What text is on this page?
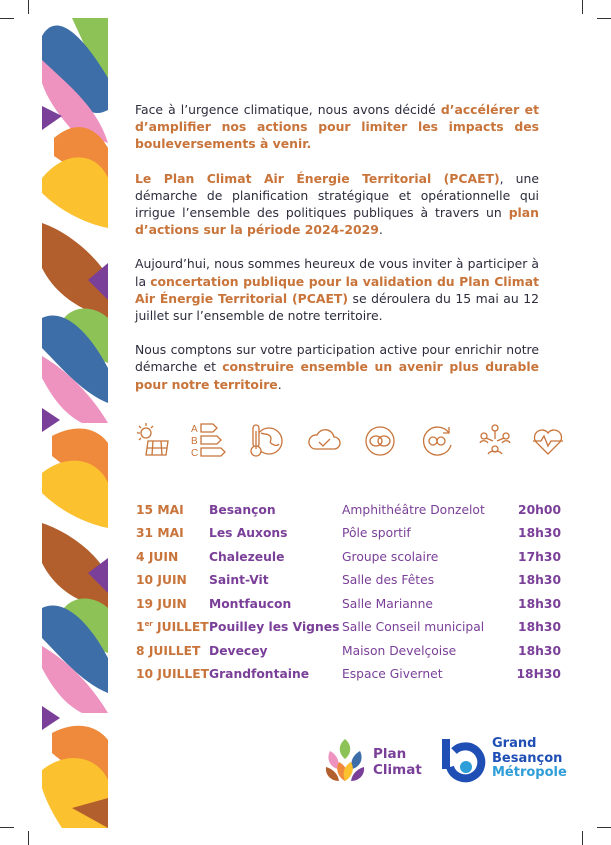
Face à l’urgence climatique, nous avons décidé d’accélérer et d’amplifier nos actions pour limiter les impacts des bouleversements à venir.

Le Plan Climat Air Énergie Territorial (PCAET), une démarche de planification stratégique et opérationnelle qui irrigue l’ensemble des politiques publiques à travers un plan d’actions sur la période 2024-2029.

Aujourd’hui, nous sommes heureux de vous inviter à participer à la concertation publique pour la validation du Plan Climat Air Énergie Territorial (PCAET) se déroulera du 15 mai au 12 juillet sur l’ensemble de notre territoire.

Nous comptons sur votre participation active pour enrichir notre démarche et construire ensemble un avenir plus durable pour notre territoire.

A
B
C
15 MAI	Besançon	Amphithéâtre Donzelot	20h00
31 MAI	Les Auxons	Pôle sportif	18h30
4 JUIN	Chalezeule	Groupe scolaire	17h30
10 JUIN	Saint-Vit	Salle des Fêtes	18h30
19 JUIN	Montfaucon	Salle Marianne	18h30
1er JUILLET	Pouilley les Vignes	Salle Conseil municipal	18h30
8 JUILLET	Devecey	Maison Develçoise	18h30
10 JUILLET	Grandfontaine	Espace Givernet	18H30
Plan
Climat
Grand
Besançon
Métropole
